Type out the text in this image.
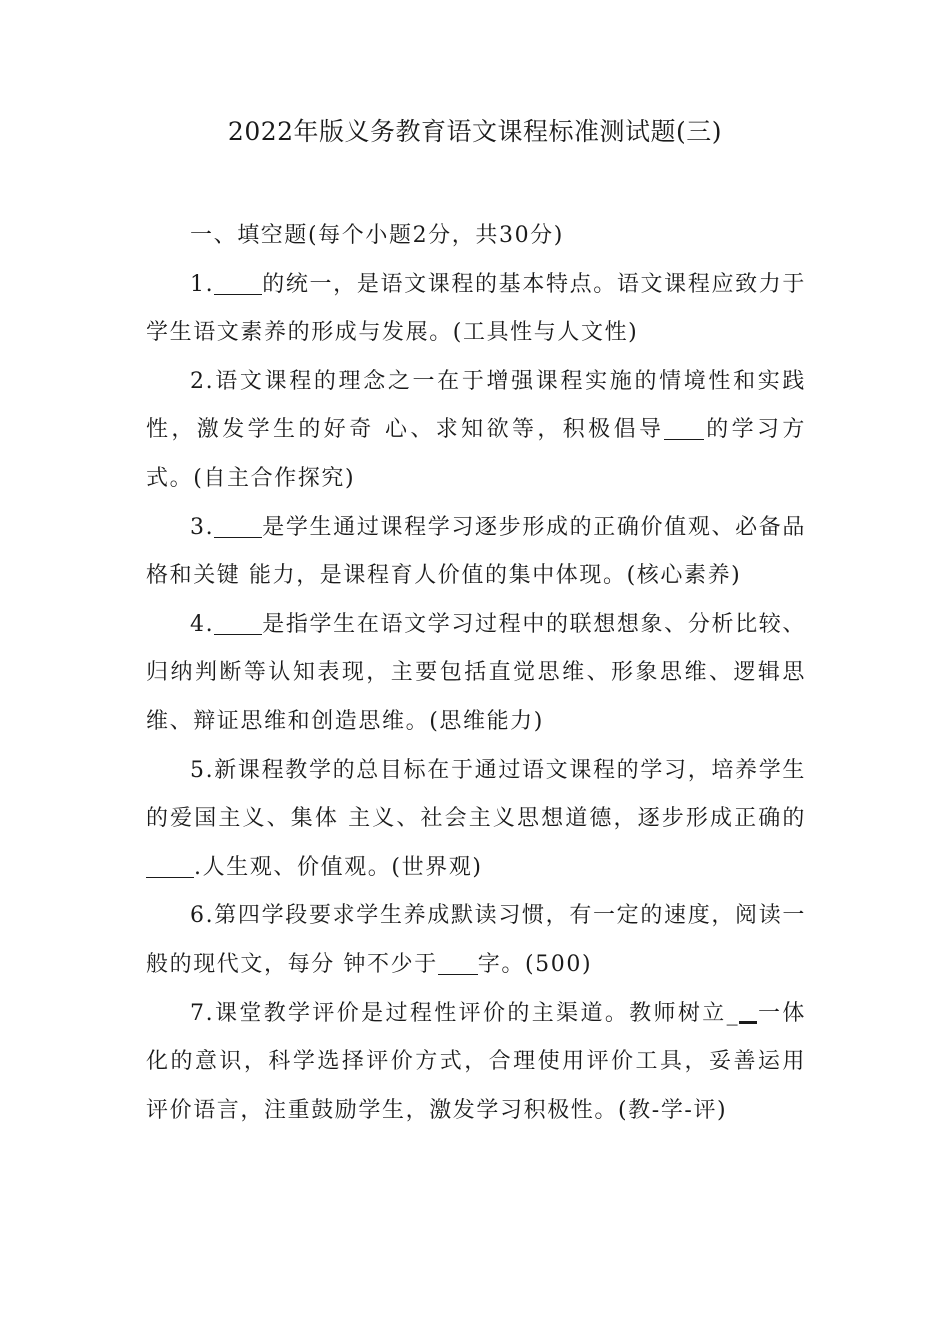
2022年版义务教育语文课程标准测试题(三)

一、填空题(每个小题2分，共30分)

1. 的统一，是语文课程的基本特点。语文课程应致力于学生语文素养的形成与发展。(工具性与人文性)

2.语文课程的理念之一在于增强课程实施的情境性和实践性，激发学生的好奇 心、求知欲等，积极倡导 的学习方式。(自主合作探究)

3. 是学生通过课程学习逐步形成的正确价值观、必备品格和关键 能力，是课程育人价值的集中体现。(核心素养)

4. 是指学生在语文学习过程中的联想想象、分析比较、归纳判断等认知表现，主要包括直觉思维、形象思维、逻辑思维、辩证思维和创造思维。(思维能力)

5.新课程教学的总目标在于通过语文课程的学习，培养学生的爱国主义、集体 主义、社会主义思想道德，逐步形成正确的.人生观、价值观。(世界观)

6.第四学段要求学生养成默读习惯，有一定的速度，阅读一般的现代文，每分 钟不少于 字。(500)

7.课堂教学评价是过程性评价的主渠道。教师树立_ 一体化的意识，科学选择评价方式，合理使用评价工具，妥善运用评价语言，注重鼓励学生，激发学习积极性。(教-学-评)
